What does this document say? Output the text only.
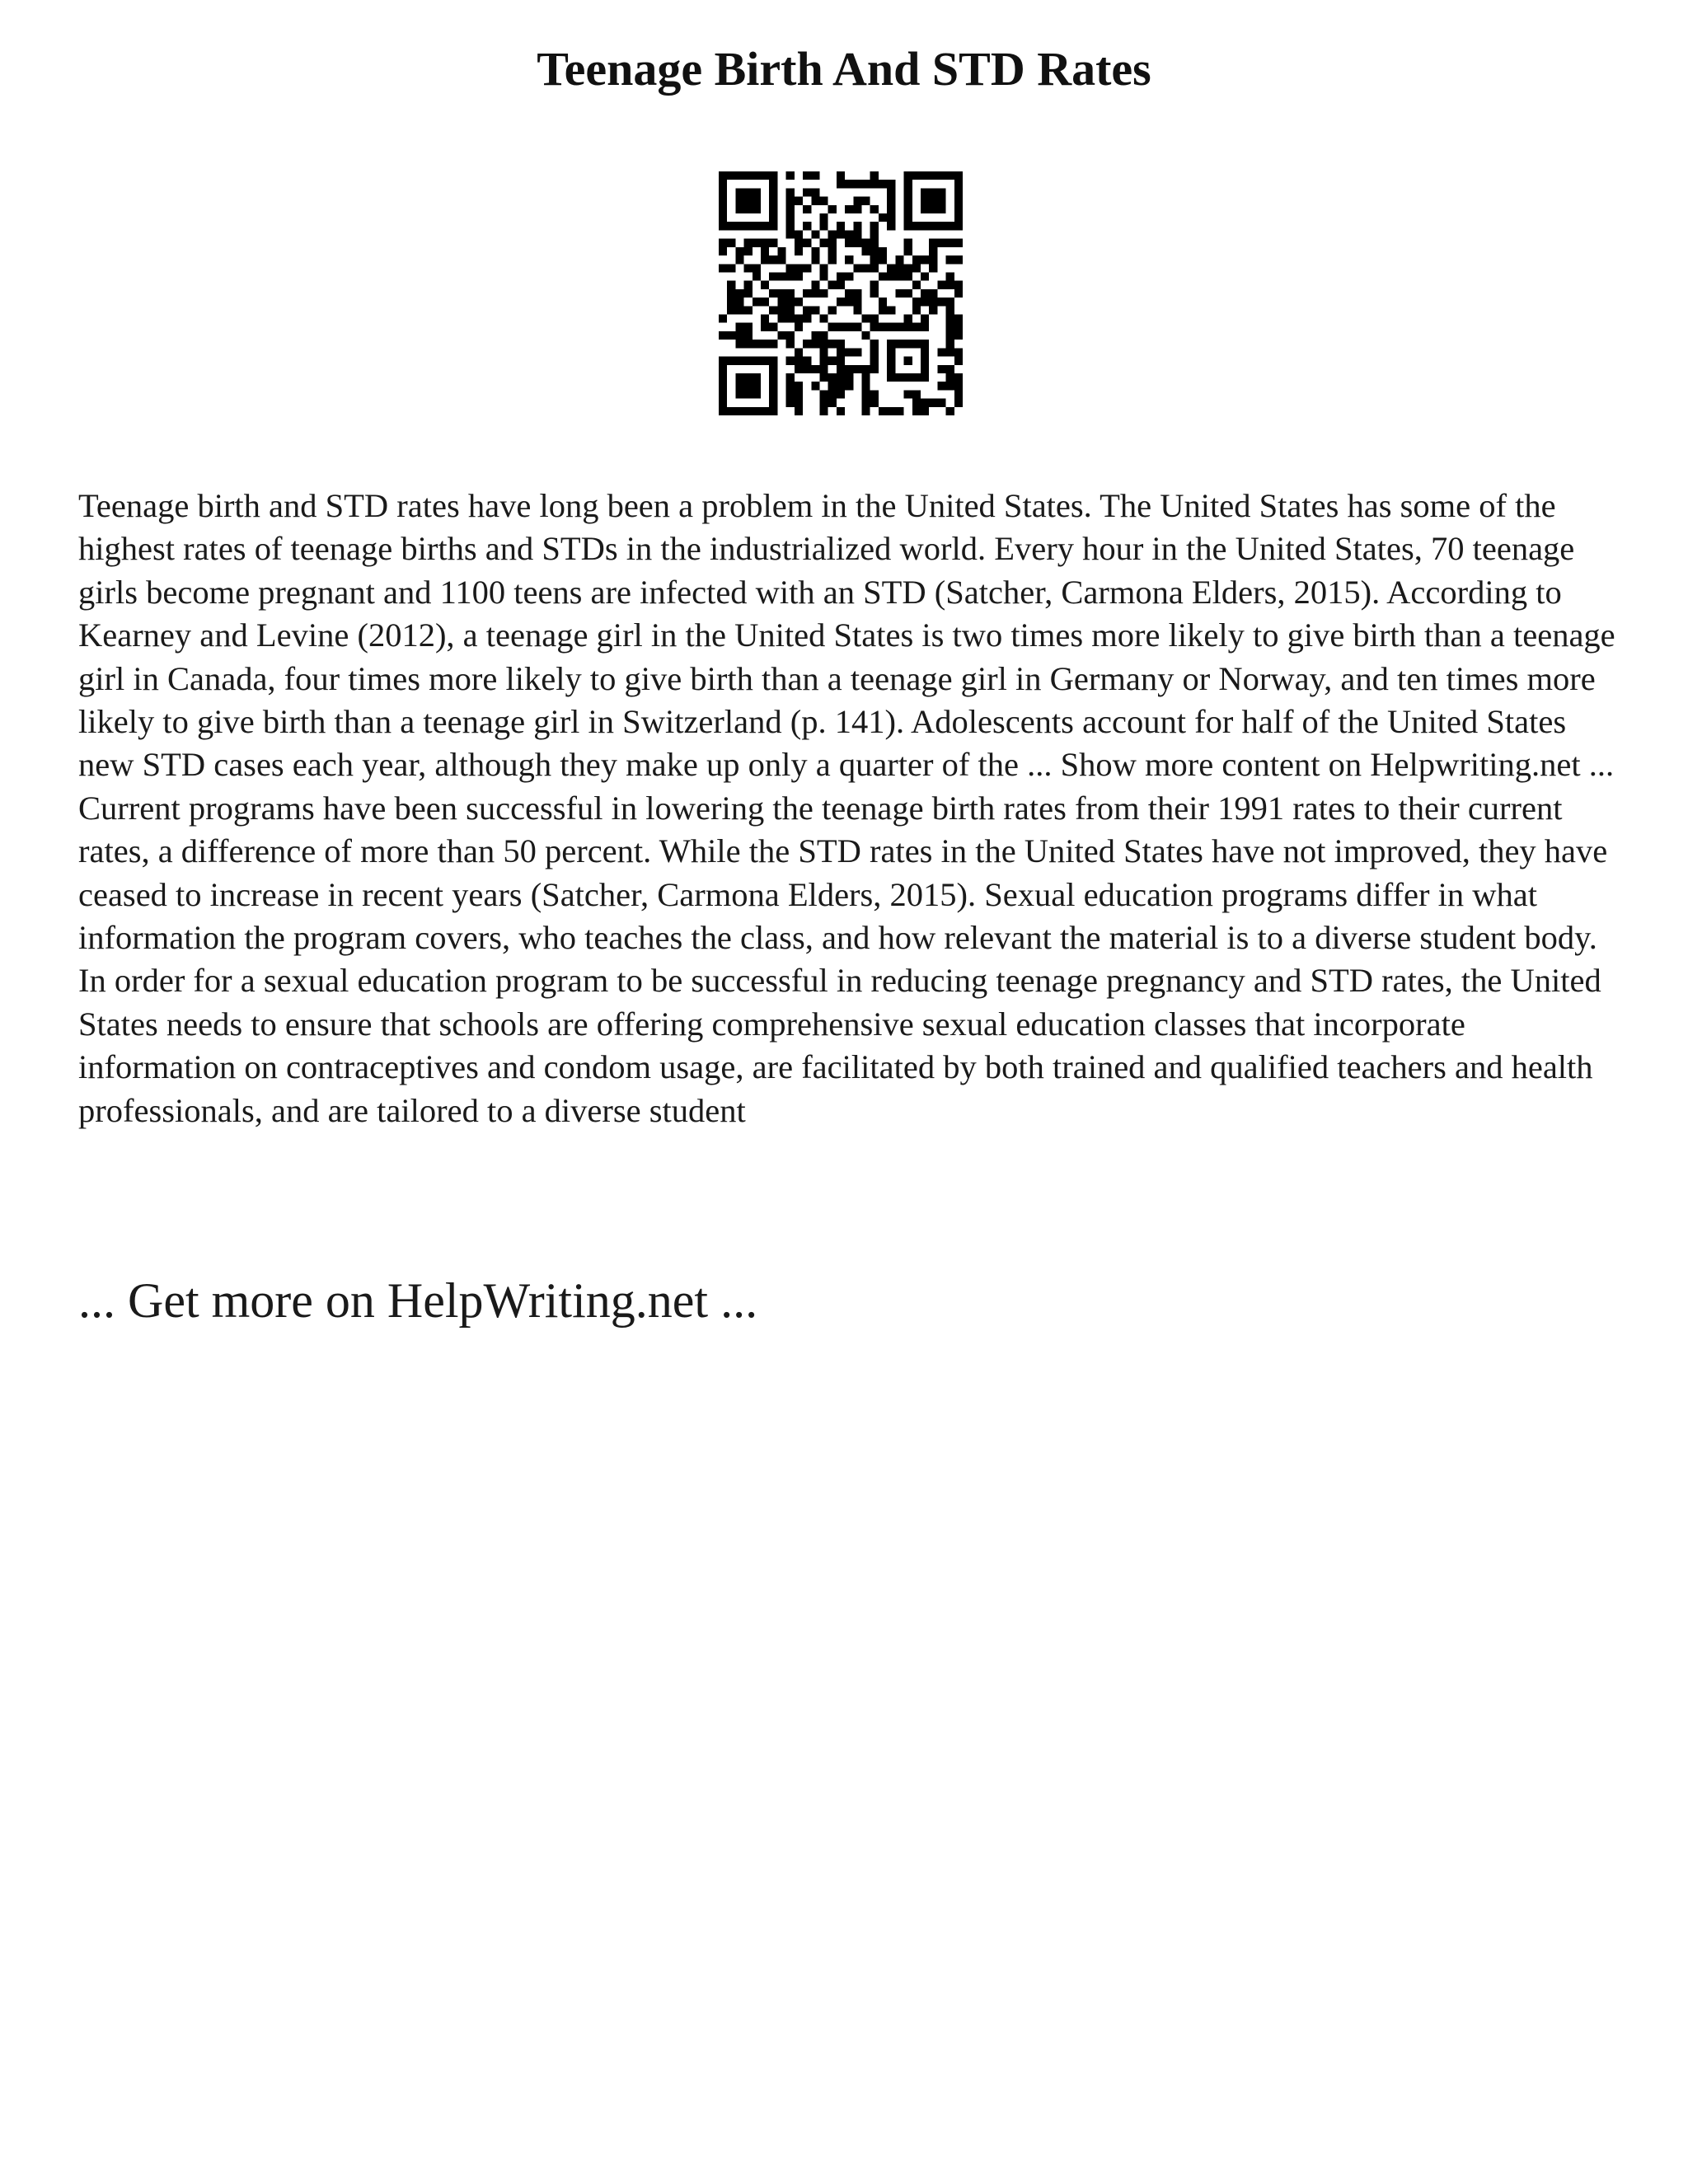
Teenage Birth And STD Rates

Teenage birth and STD rates have long been a problem in the United States. The United States has some of the highest rates of teenage births and STDs in the industrialized world. Every hour in the United States, 70 teenage girls become pregnant and 1100 teens are infected with an STD (Satcher, Carmona Elders, 2015). According to Kearney and Levine (2012), a teenage girl in the United States is two times more likely to give birth than a teenage girl in Canada, four times more likely to give birth than a teenage girl in Germany or Norway, and ten times more likely to give birth than a teenage girl in Switzerland (p. 141). Adolescents account for half of the United States new STD cases each year, although they make up only a quarter of the ... Show more content on Helpwriting.net ... Current programs have been successful in lowering the teenage birth rates from their 1991 rates to their current rates, a difference of more than 50 percent. While the STD rates in the United States have not improved, they have ceased to increase in recent years (Satcher, Carmona Elders, 2015). Sexual education programs differ in what information the program covers, who teaches the class, and how relevant the material is to a diverse student body. In order for a sexual education program to be successful in reducing teenage pregnancy and STD rates, the United States needs to ensure that schools are offering comprehensive sexual education classes that incorporate information on contraceptives and condom usage, are facilitated by both trained and qualified teachers and health professionals, and are tailored to a diverse student

... Get more on HelpWriting.net ...
